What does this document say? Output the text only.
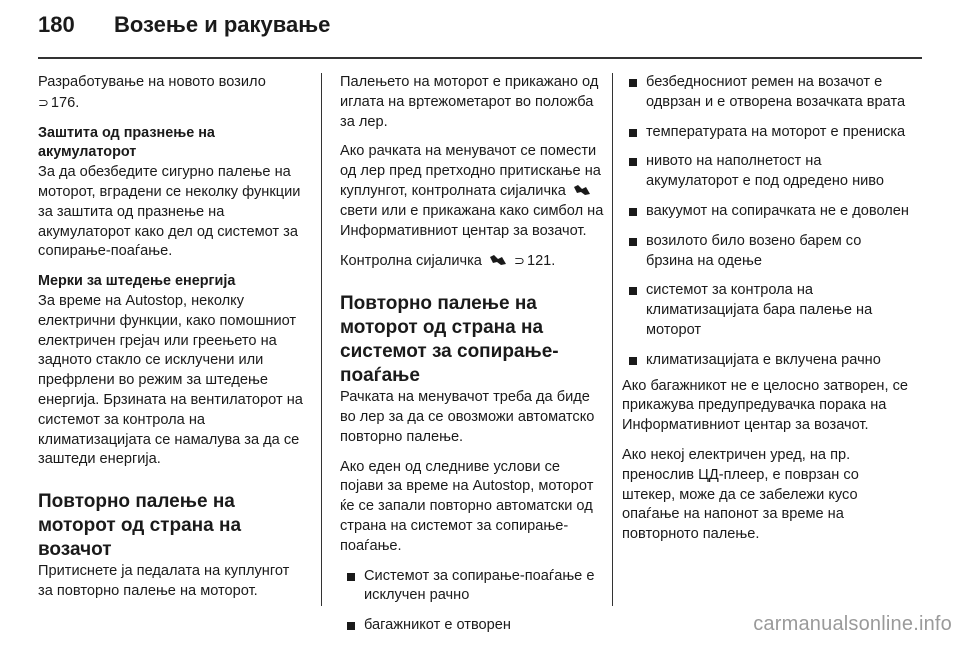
180	Возење и ракување

Разработување на новото возило
⊃ 176.

Заштита од празнење на акумулаторот

За да обезбедите сигурно палење на моторот, вградени се неколку функции за заштита од празнење на акумулаторот како дел од системот за сопирање-поаѓање.

Мерки за штедење енергија

За време на Autostop, неколку електрични функции, како помошниот електричен грејач или греењето на задното стакло се исклучени или префрлени во режим за штедење енергија. Брзината на вентилаторот на системот за контрола на климатизацијата се намалува за да се заштеди енергија.

Повторно палење на моторот од страна на возачот

Притиснете ја педалата на куплунгот за повторно палење на моторот.

Палењето на моторот е прикажано од иглата на вртежометарот во положба за лер.

Ако рачката на менувачот се помести од лер пред претходно притискање на куплунгот, контролната сијаличка  свети или е прикажана како симбол на Информативниот центар за возачот.

Контролна сијаличка ⊃ 121.

Повторно палење на моторот од страна на системот за сопирање-поаѓање

Рачката на менувачот треба да биде во лер за да се овозможи автоматско повторно палење.

Ако еден од следниве услови се појави за време на Autostop, моторот ќе се запали повторно автоматски од страна на системот за сопирање-поаѓање.

Системот за сопирање-поаѓање е исклучен рачно
багажникот е отворен
безбедносниот ремен на возачот е одврзан и е отворена возачката врата
температурата на моторот е прениска
нивото на наполнетост на акумулаторот е под одредено ниво
вакуумот на сопирачката не е доволен
возилото било возено барем со брзина на одење
системот за контрола на климатизацијата бара палење на моторот
климатизацијата е вклучена рачно

Ако багажникот не е целосно затворен, се прикажува предупредувачка порака на Информативниот центар за возачот.

Ако некој електричен уред, на пр. пренослив ЦД-плеер, е поврзан со штекер, може да се забележи кусо опаѓање на напонот за време на повторното палење.

carmanualsonline.info
